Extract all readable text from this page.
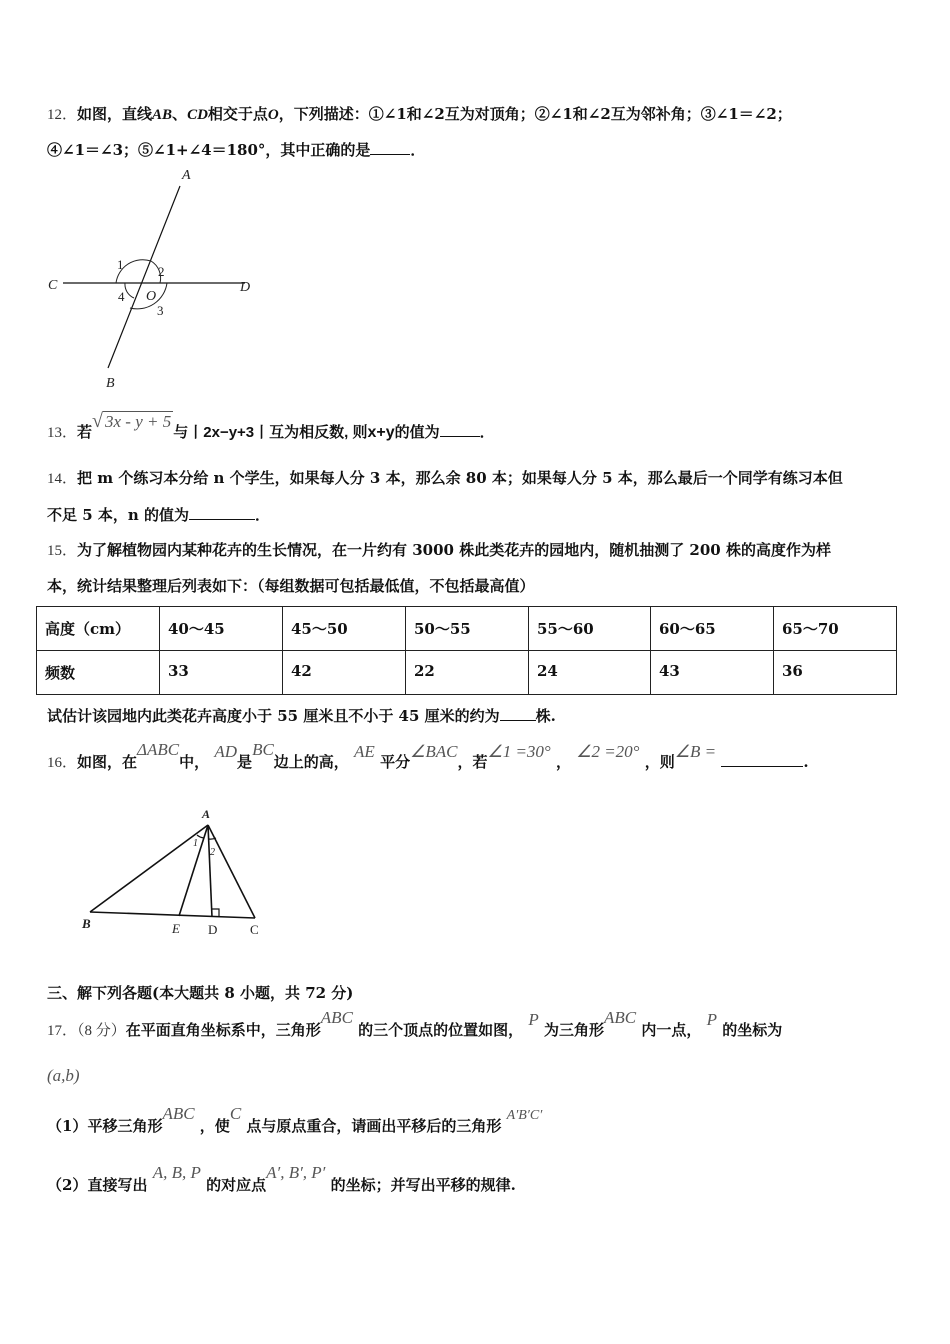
12．如图，直线AB、CD相交于点O，下列描述：①∠1和∠2互为对顶角；②∠1和∠2互为邻补角；③∠1＝∠2；
④∠1＝∠3；⑤∠1+∠4＝180°，其中正确的是	．
A
B
C	D
O
1	2
3
4
13．若√ 3x - y + 5与丨2x−y+3丨互为相反数, 则x+y的值为	．
14．把 m 个练习本分给 n 个学生，如果每人分 3 本，那么余 80 本；如果每人分 5 本，那么最后一个同学有练习本但
不足 5 本，n 的值为	．
15．为了解植物园内某种花卉的生长情况，在一片约有 3000 株此类花卉的园地内，随机抽测了 200 株的高度作为样
本，统计结果整理后列表如下：（每组数据可包括最低值，不包括最高值）
高度（cm）	40～45	45～50	50～55	55～60	60～65	65～70
频数	33	42	22	24	43	36
试估计该园地内此类花卉高度小于 55 厘米且不小于 45 厘米的约为 株.
16．如图，在ΔABC中， AD是BC边上的高， AE 平分∠BAC，若∠1 =30° ， ∠2 =20° ，则∠B = .
A
B	E D	C
1
2
三、解下列各题(本大题共 8 小题，共 72 分)
17．（8 分）在平面直角坐标系中，三角形ABC 的三个顶点的位置如图， P 为三角形ABC 内一点， P 的坐标为
(a,b)
（1）平移三角形ABC ，使C 点与原点重合，请画出平移后的三角形 A′B′C′
（2）直接写出 A, B, P 的对应点A′, B′, P′ 的坐标；并写出平移的规律.
